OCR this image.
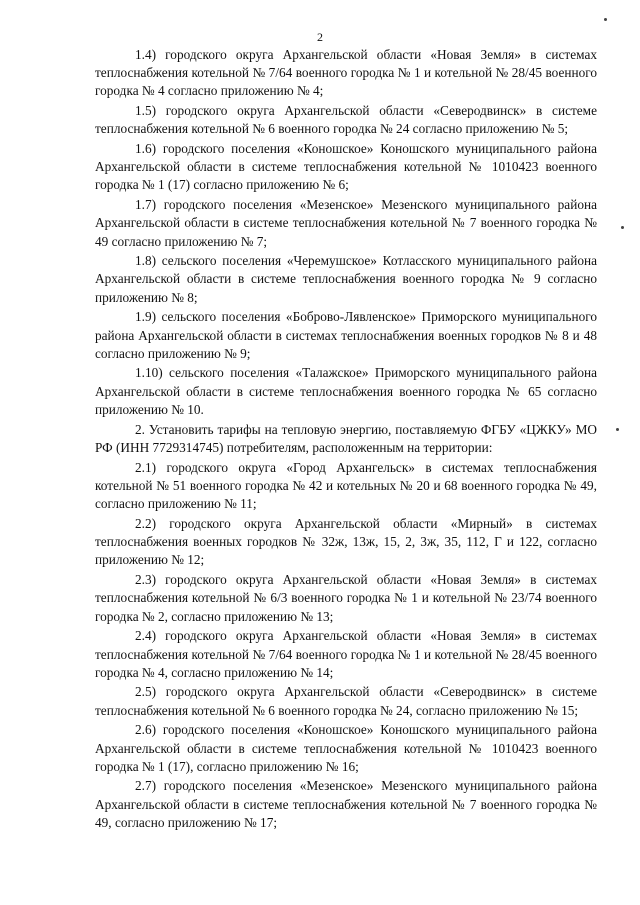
2

1.4) городского округа Архангельской области «Новая Земля» в системах теплоснабжения котельной № 7/64 военного городка № 1 и котельной № 28/45 военного городка № 4 согласно приложению № 4;

1.5) городского округа Архангельской области «Северодвинск» в системе теплоснабжения котельной № 6 военного городка № 24 согласно приложению № 5;

1.6) городского поселения «Коношское» Коношского муниципального района Архангельской области в системе теплоснабжения котельной № 1010423 военного городка № 1 (17) согласно приложению № 6;

1.7) городского поселения «Мезенское» Мезенского муниципального района Архангельской области в системе теплоснабжения котельной № 7 военного городка № 49 согласно приложению № 7;

1.8) сельского поселения «Черемушское» Котласского муниципального района Архангельской области в системе теплоснабжения военного городка № 9 согласно приложению № 8;

1.9) сельского поселения «Боброво-Лявленское» Приморского муниципального района Архангельской области в системах теплоснабжения военных городков № 8 и 48 согласно приложению № 9;

1.10) сельского поселения «Талажское» Приморского муниципального района Архангельской области в системе теплоснабжения военного городка № 65 согласно приложению № 10.

2. Установить тарифы на тепловую энергию, поставляемую ФГБУ «ЦЖКУ» МО РФ (ИНН 7729314745) потребителям, расположенным на территории:

2.1) городского округа «Город Архангельск» в системах теплоснабжения котельной № 51 военного городка № 42 и котельных № 20 и 68 военного городка № 49, согласно приложению № 11;

2.2) городского округа Архангельской области «Мирный» в системах теплоснабжения военных городков № 32ж, 13ж, 15, 2, 3ж, 35, 112, Г и 122, согласно приложению № 12;

2.3) городского округа Архангельской области «Новая Земля» в системах теплоснабжения котельной № 6/3 военного городка № 1 и котельной № 23/74 военного городка № 2, согласно приложению № 13;

2.4) городского округа Архангельской области «Новая Земля» в системах теплоснабжения котельной № 7/64 военного городка № 1 и котельной № 28/45 военного городка № 4, согласно приложению № 14;

2.5) городского округа Архангельской области «Северодвинск» в системе теплоснабжения котельной № 6 военного городка № 24, согласно приложению № 15;

2.6) городского поселения «Коношское» Коношского муниципального района Архангельской области в системе теплоснабжения котельной № 1010423 военного городка № 1 (17), согласно приложению № 16;

2.7) городского поселения «Мезенское» Мезенского муниципального района Архангельской области в системе теплоснабжения котельной № 7 военного городка № 49, согласно приложению № 17;
